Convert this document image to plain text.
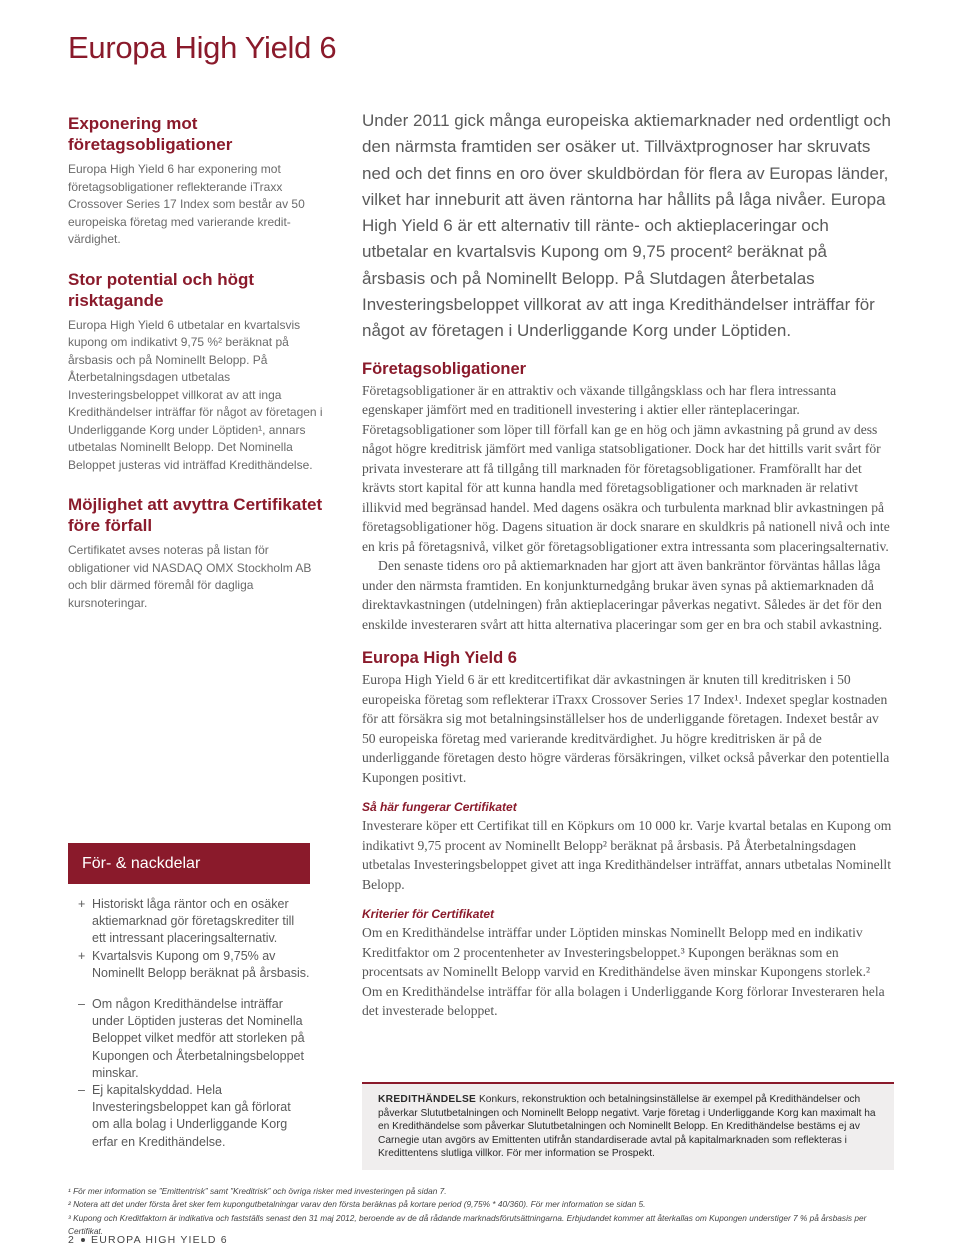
Europa High Yield 6
Exponering mot företagsobligationer

Europa High Yield 6 har exponering mot företagsobligationer reflekterande iTraxx Crossover Series 17 Index som består av 50 europeiska företag med varierande kredit-värdighet.

Stor potential och högt risktagande

Europa High Yield 6 utbetalar en kvartalsvis kupong om indikativt 9,75 %² beräknat på årsbasis och på Nominellt Belopp. På Återbetalningsdagen utbetalas Investeringsbeloppet villkorat av att inga Kredithändelser inträffar för något av företagen i Underliggande Korg under Löptiden¹, annars utbetalas Nominellt Belopp. Det Nominella Beloppet justeras vid inträffad Kredithändelse.

Möjlighet att avyttra Certifikatet före förfall

Certifikatet avses noteras på listan för obligationer vid NASDAQ OMX Stockholm AB och blir därmed föremål för dagliga kursnoteringar.

För- & nackdelar
+ Historiskt låga räntor och en osäker aktiemarknad gör företagskrediter till ett intressant placeringsalternativ.
+ Kvartalsvis Kupong om 9,75% av Nominellt Belopp beräknat på årsbasis.
– Om någon Kredithändelse inträffar under Löptiden justeras det Nominella Beloppet vilket medför att storleken på Kupongen och Återbetalningsbeloppet minskar.
– Ej kapitalskyddad. Hela Investeringsbeloppet kan gå förlorat om alla bolag i Underliggande Korg erfar en Kredithändelse.

Under 2011 gick många europeiska aktiemarknader ned ordentligt och den närmsta framtiden ser osäker ut. Tillväxtprognoser har skruvats ned och det finns en oro över skuldbördan för flera av Europas länder, vilket har inneburit att även räntorna har hållits på låga nivåer. Europa High Yield 6 är ett alternativ till ränte- och aktieplaceringar och utbetalar en kvartalsvis Kupong om 9,75 procent² beräknat på årsbasis och på Nominellt Belopp. På Slutdagen återbetalas Investeringsbeloppet villkorat av att inga Kredithändelser inträffar för något av företagen i Underliggande Korg under Löptiden.

Företagsobligationer

Företagsobligationer är en attraktiv och växande tillgångsklass och har flera intressanta egenskaper jämfört med en traditionell investering i aktier eller ränteplaceringar. Företagsobligationer som löper till förfall kan ge en hög och jämn avkastning på grund av dess något högre kreditrisk jämfört med vanliga statsobligationer. Dock har det hittills varit svårt för privata investerare att få tillgång till marknaden för företagsobligationer. Framförallt har det krävts stort kapital för att kunna handla med företagsobligationer och marknaden är relativt illikvid med begränsad handel. Med dagens osäkra och turbulenta marknad blir avkastningen på företagsobligationer hög. Dagens situation är dock snarare en skuldkris på nationell nivå och inte en kris på företagsnivå, vilket gör företagsobligationer extra intressanta som placeringsalternativ.

Den senaste tidens oro på aktiemarknaden har gjort att även bankräntor förväntas hållas låga under den närmsta framtiden. En konjunkturnedgång brukar även synas på aktiemarknaden då direktavkastningen (utdelningen) från aktieplaceringar påverkas negativt. Således är det för den enskilde investeraren svårt att hitta alternativa placeringar som ger en bra och stabil avkastning.

Europa High Yield 6

Europa High Yield 6 är ett kreditcertifikat där avkastningen är knuten till kreditrisken i 50 europeiska företag som reflekterar iTraxx Crossover Series 17 Index¹. Indexet speglar kostnaden för att försäkra sig mot betalningsinställelser hos de underliggande företagen. Indexet består av 50 europeiska företag med varierande kreditvärdighet. Ju högre kreditrisken är på de underliggande företagen desto högre värderas försäkringen, vilket också påverkar den potentiella Kupongen positivt.

Så här fungerar Certifikatet

Investerare köper ett Certifikat till en Köpkurs om 10 000 kr. Varje kvartal betalas en Kupong om indikativt 9,75 procent av Nominellt Belopp² beräknat på årsbasis. På Återbetalningsdagen utbetalas Investeringsbeloppet givet att inga Kredithändelser inträffat, annars utbetalas Nominellt Belopp.

Kriterier för Certifikatet

Om en Kredithändelse inträffar under Löptiden minskas Nominellt Belopp med en indikativ Kreditfaktor om 2 procentenheter av Investeringsbeloppet.³ Kupongen beräknas som en procentsats av Nominellt Belopp varvid en Kredithändelse även minskar Kupongens storlek.² Om en Kredithändelse inträffar för alla bolagen i Underliggande Korg förlorar Investeraren hela det investerade beloppet.

KREDITHÄNDELSE Konkurs, rekonstruktion och betalningsinställelse är exempel på Kredithändelser och påverkar Slututbetalningen och Nominellt Belopp negativt. Varje företag i Underliggande Korg kan maximalt ha en Kredithändelse som påverkar Slututbetalningen och Nominellt Belopp. En Kredithändelse bestäms ej av Carnegie utan avgörs av Emittenten utifrån standardiserade avtal på kapitalmarknaden som reflekteras i Kredittentens slutliga villkor. För mer information se Prospekt.
¹ För mer information se ”Emittentrisk” samt ”Kreditrisk” och övriga risker med investeringen på sidan 7.
² Notera att det under första året sker fem kupongutbetalningar varav den första beräknas på kortare period (9,75% * 40/360). För mer information se sidan 5.
³ Kupong och Kreditfaktorn är indikativa och fastställs senast den 31 maj 2012, beroende av de då rådande marknadsförutsättningarna. Erbjudandet kommer att återkallas om Kupongen understiger 7 % på årsbasis per Certifikat.
2 EUROPA HIGH YIELD 6
